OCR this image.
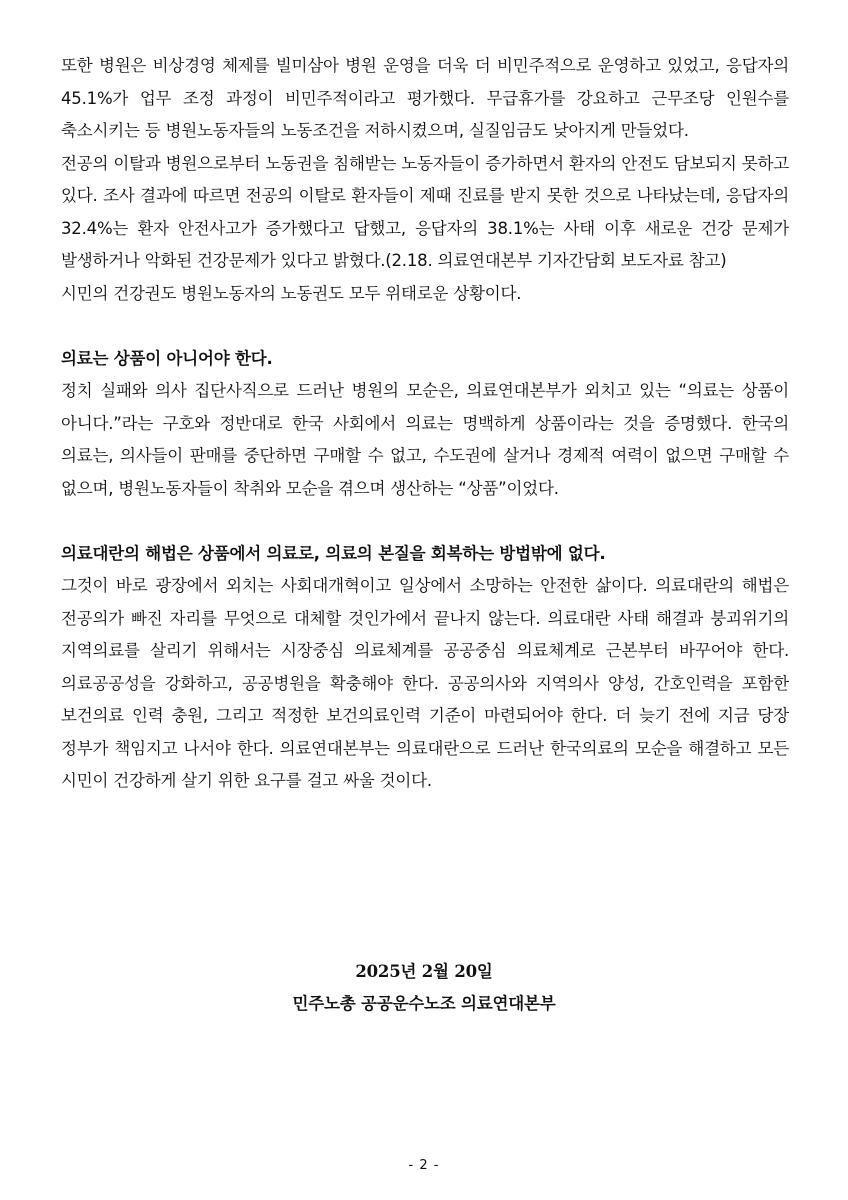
또한 병원은 비상경영 체제를 빌미삼아 병원 운영을 더욱 더 비민주적으로 운영하고 있었고, 응답자의 45.1%가 업무 조정 과정이 비민주적이라고 평가했다. 무급휴가를 강요하고 근무조당 인원수를 축소시키는 등 병원노동자들의 노동조건을 저하시켰으며, 실질임금도 낮아지게 만들었다.

전공의 이탈과 병원으로부터 노동권을 침해받는 노동자들이 증가하면서 환자의 안전도 담보되지 못하고 있다. 조사 결과에 따르면 전공의 이탈로 환자들이 제때 진료를 받지 못한 것으로 나타났는데, 응답자의 32.4%는 환자 안전사고가 증가했다고 답했고, 응답자의 38.1%는 사태 이후 새로운 건강 문제가 발생하거나 악화된 건강문제가 있다고 밝혔다.(2.18. 의료연대본부 기자간담회 보도자료 참고)

시민의 건강권도 병원노동자의 노동권도 모두 위태로운 상황이다.

의료는 상품이 아니어야 한다.

정치 실패와 의사 집단사직으로 드러난 병원의 모순은, 의료연대본부가 외치고 있는 “의료는 상품이 아니다.”라는 구호와 정반대로 한국 사회에서 의료는 명백하게 상품이라는 것을 증명했다. 한국의 의료는, 의사들이 판매를 중단하면 구매할 수 없고, 수도권에 살거나 경제적 여력이 없으면 구매할 수 없으며, 병원노동자들이 착취와 모순을 겪으며 생산하는 “상품”이었다.

의료대란의 해법은 상품에서 의료로, 의료의 본질을 회복하는 방법밖에 없다.

그것이 바로 광장에서 외치는 사회대개혁이고 일상에서 소망하는 안전한 삶이다. 의료대란의 해법은 전공의가 빠진 자리를 무엇으로 대체할 것인가에서 끝나지 않는다. 의료대란 사태 해결과 붕괴위기의 지역의료를 살리기 위해서는 시장중심 의료체계를 공공중심 의료체계로 근본부터 바꾸어야 한다. 의료공공성을 강화하고, 공공병원을 확충해야 한다. 공공의사와 지역의사 양성, 간호인력을 포함한 보건의료 인력 충원, 그리고 적정한 보건의료인력 기준이 마련되어야 한다. 더 늦기 전에 지금 당장 정부가 책임지고 나서야 한다. 의료연대본부는 의료대란으로 드러난 한국의료의 모순을 해결하고 모든 시민이 건강하게 살기 위한 요구를 걸고 싸울 것이다.

2025년 2월 20일
민주노총 공공운수노조 의료연대본부
- 2 -
